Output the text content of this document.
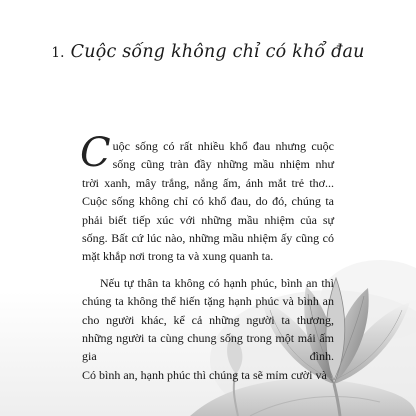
1. Cuộc sống không chỉ có khổ đau

Cuộc sống có rất nhiều khổ đau nhưng cuộc sống cũng tràn đầy những mầu nhiệm như trời xanh, mây trắng, nắng ấm, ánh mắt trẻ thơ... Cuộc sống không chỉ có khổ đau, do đó, chúng ta phải biết tiếp xúc với những mầu nhiệm của sự sống. Bất cứ lúc nào, những mầu nhiệm ấy cũng có mặt khắp nơi trong ta và xung quanh ta.

Nếu tự thân ta không có hạnh phúc, bình an thì chúng ta không thể hiến tặng hạnh phúc và bình an cho người khác, kể cả những người ta thương, những người ta cùng chung sống trong một mái ấm gia đình. Có bình an, hạnh phúc thì chúng ta sẽ mỉm cười và
